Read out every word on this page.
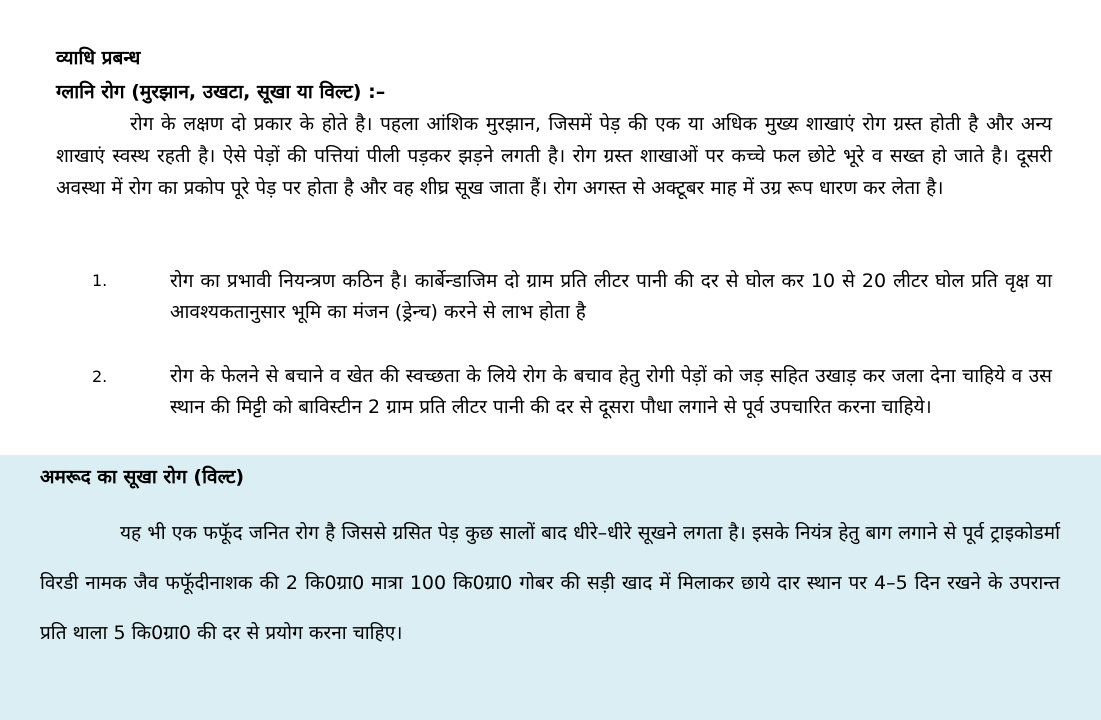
व्याधि प्रबन्ध
ग्लानि रोग (मुरझान, उखटा, सूखा या विल्ट) :–
रोग के लक्षण दो प्रकार के होते है। पहला आंशिक मुरझान, जिसमें पेड़ की एक या अधिक मुख्य शाखाएं रोग ग्रस्त होती है और अन्य शाखाएं स्वस्थ रहती है। ऐसे पेड़ों की पत्तियां पीली पड़कर झड़ने लगती है। रोग ग्रस्त शाखाओं पर कच्चे फल छोटे भूरे व सख्त हो जाते है। दूसरी अवस्था में रोग का प्रकोप पूरे पेड़ पर होता है और वह शीघ्र सूख जाता हैं। रोग अगस्त से अक्टूबर माह में उग्र रूप धारण कर लेता है।
1.	रोग का प्रभावी नियन्त्रण कठिन है। कार्बेन्डाजिम दो ग्राम प्रति लीटर पानी की दर से घोल कर 10 से 20 लीटर घोल प्रति वृक्ष या आवश्यकतानुसार भूमि का मंजन (ड्रेन्च) करने से लाभ होता है
2.	रोग के फेलने से बचाने व खेत की स्वच्छता के लिये रोग के बचाव हेतु रोगी पेड़ों को जड़ सहित उखाड़ कर जला देना चाहिये व उस स्थान की मिट्टी को बाविस्टीन 2 ग्राम प्रति लीटर पानी की दर से दूसरा पौधा लगाने से पूर्व उपचारित करना चाहिये।
अमरूद का सूखा रोग (विल्ट)
यह भी एक फफूॅद जनित रोग है जिससे ग्रसित पेड़ कुछ सालों बाद धीरे–धीरे सूखने लगता है। इसके नियंत्र हेतु बाग लगाने से पूर्व ट्राइकोडर्मा विरडी नामक जैव फफूॅदीनाशक की 2 कि0ग्रा0 मात्रा 100 कि0ग्रा0 गोबर की सड़ी खाद में मिलाकर छाये दार स्थान पर 4–5 दिन रखने के उपरान्त प्रति थाला 5 कि0ग्रा0 की दर से प्रयोग करना चाहिए।
